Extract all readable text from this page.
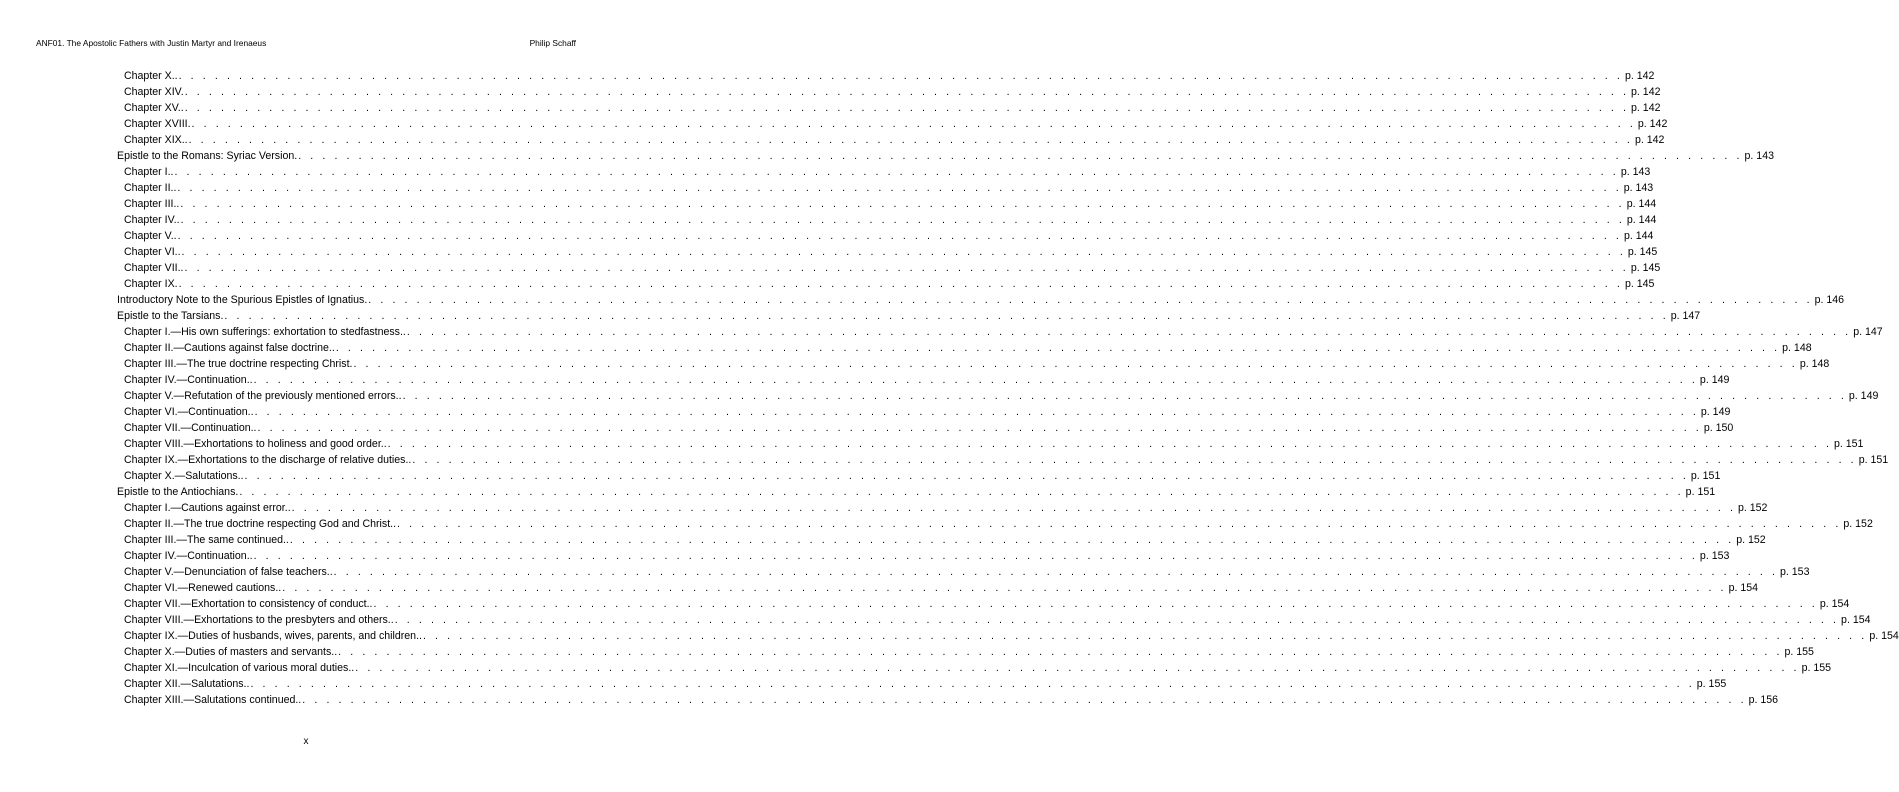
ANF01. The Apostolic Fathers with Justin Martyr and Irenaeus	Philip Schaff
Chapter X.. . . . . . . . . . . . . . . . . . . . . . . . . . . . . . . . . . . . . . . . . . . . . . . . . . . . . . . . . . . . . . . . . . . . . . . . . . . . . . . . . . . . . . . . . . . . . . . . . . . . . . . . . . . . . . . . . . . . . . . . . p. 142
Chapter XIV. . . . . . . . . . . . . . . . . . . . . . . . . . . . . . . . . . . . . . . . . . . . . . . . . . . . . . . . . . . . . . . . . . . . . . . . . . . . . . . . . . . . . . . . . . . . . . . . . . . . . . . . . . . . . . . . . . . . . . . . . p. 142
Chapter XV.. . . . . . . . . . . . . . . . . . . . . . . . . . . . . . . . . . . . . . . . . . . . . . . . . . . . . . . . . . . . . . . . . . . . . . . . . . . . . . . . . . . . . . . . . . . . . . . . . . . . . . . . . . . . . . . . . . . . . . . . . p. 142
Chapter XVIII. . . . . . . . . . . . . . . . . . . . . . . . . . . . . . . . . . . . . . . . . . . . . . . . . . . . . . . . . . . . . . . . . . . . . . . . . . . . . . . . . . . . . . . . . . . . . . . . . . . . . . . . . . . . . . . . . . . . . . . . . p. 142
Chapter XIX.. . . . . . . . . . . . . . . . . . . . . . . . . . . . . . . . . . . . . . . . . . . . . . . . . . . . . . . . . . . . . . . . . . . . . . . . . . . . . . . . . . . . . . . . . . . . . . . . . . . . . . . . . . . . . . . . . . . . . . . . . p. 142
Epistle to the Romans: Syriac Version. . . . . . . . . . . . . . . . . . . . . . . . . . . . . . . . . . . . . . . . . . . . . . . . . . . . . . . . . . . . . . . . . . . . . . . . . . . . . . . . . . . . . . . . . . . . . . . . . . . . . . . . . . . . . . . . . . . . . . . . . p. 143
Chapter I.. . . . . . . . . . . . . . . . . . . . . . . . . . . . . . . . . . . . . . . . . . . . . . . . . . . . . . . . . . . . . . . . . . . . . . . . . . . . . . . . . . . . . . . . . . . . . . . . . . . . . . . . . . . . . . . . . . . . . . . . . p. 143
Chapter II.. . . . . . . . . . . . . . . . . . . . . . . . . . . . . . . . . . . . . . . . . . . . . . . . . . . . . . . . . . . . . . . . . . . . . . . . . . . . . . . . . . . . . . . . . . . . . . . . . . . . . . . . . . . . . . . . . . . . . . . . . p. 143
Chapter III.. . . . . . . . . . . . . . . . . . . . . . . . . . . . . . . . . . . . . . . . . . . . . . . . . . . . . . . . . . . . . . . . . . . . . . . . . . . . . . . . . . . . . . . . . . . . . . . . . . . . . . . . . . . . . . . . . . . . . . . . . p. 144
Chapter IV.. . . . . . . . . . . . . . . . . . . . . . . . . . . . . . . . . . . . . . . . . . . . . . . . . . . . . . . . . . . . . . . . . . . . . . . . . . . . . . . . . . . . . . . . . . . . . . . . . . . . . . . . . . . . . . . . . . . . . . . . . p. 144
Chapter V.. . . . . . . . . . . . . . . . . . . . . . . . . . . . . . . . . . . . . . . . . . . . . . . . . . . . . . . . . . . . . . . . . . . . . . . . . . . . . . . . . . . . . . . . . . . . . . . . . . . . . . . . . . . . . . . . . . . . . . . . . p. 144
Chapter VI.. . . . . . . . . . . . . . . . . . . . . . . . . . . . . . . . . . . . . . . . . . . . . . . . . . . . . . . . . . . . . . . . . . . . . . . . . . . . . . . . . . . . . . . . . . . . . . . . . . . . . . . . . . . . . . . . . . . . . . . . . p. 145
Chapter VII.. . . . . . . . . . . . . . . . . . . . . . . . . . . . . . . . . . . . . . . . . . . . . . . . . . . . . . . . . . . . . . . . . . . . . . . . . . . . . . . . . . . . . . . . . . . . . . . . . . . . . . . . . . . . . . . . . . . . . . . . . p. 145
Chapter IX. . . . . . . . . . . . . . . . . . . . . . . . . . . . . . . . . . . . . . . . . . . . . . . . . . . . . . . . . . . . . . . . . . . . . . . . . . . . . . . . . . . . . . . . . . . . . . . . . . . . . . . . . . . . . . . . . . . . . . . . . p. 145
Introductory Note to the Spurious Epistles of Ignatius. . . . . . . . . . . . . . . . . . . . . . . . . . . . . . . . . . . . . . . . . . . . . . . . . . . . . . . . . . . . . . . . . . . . . . . . . . . . . . . . . . . . . . . . . . . . . . . . . . . . . . . . . . . . . . . . . . . . . . . . . p. 146
Epistle to the Tarsians. . . . . . . . . . . . . . . . . . . . . . . . . . . . . . . . . . . . . . . . . . . . . . . . . . . . . . . . . . . . . . . . . . . . . . . . . . . . . . . . . . . . . . . . . . . . . . . . . . . . . . . . . . . . . . . . . . . . . . . . . p. 147
Chapter I.—His own sufferings: exhortation to stedfastness.. . . . . . . . . . . . . . . . . . . . . . . . . . . . . . . . . . . . . . . . . . . . . . . . . . . . . . . . . . . . . . . . . . . . . . . . . . . . . . . . . . . . . . . . . . . . . . . . . . . . . . . . . . . . . . . . . . . . . . . . . p. 147
Chapter II.—Cautions against false doctrine.. . . . . . . . . . . . . . . . . . . . . . . . . . . . . . . . . . . . . . . . . . . . . . . . . . . . . . . . . . . . . . . . . . . . . . . . . . . . . . . . . . . . . . . . . . . . . . . . . . . . . . . . . . . . . . . . . . . . . . . . . p. 148
Chapter III.—The true doctrine respecting Christ. . . . . . . . . . . . . . . . . . . . . . . . . . . . . . . . . . . . . . . . . . . . . . . . . . . . . . . . . . . . . . . . . . . . . . . . . . . . . . . . . . . . . . . . . . . . . . . . . . . . . . . . . . . . . . . . . . . . . . . . . p. 148
Chapter IV.—Continuation.. . . . . . . . . . . . . . . . . . . . . . . . . . . . . . . . . . . . . . . . . . . . . . . . . . . . . . . . . . . . . . . . . . . . . . . . . . . . . . . . . . . . . . . . . . . . . . . . . . . . . . . . . . . . . . . . . . . . . . . . . p. 149
Chapter V.—Refutation of the previously mentioned errors.. . . . . . . . . . . . . . . . . . . . . . . . . . . . . . . . . . . . . . . . . . . . . . . . . . . . . . . . . . . . . . . . . . . . . . . . . . . . . . . . . . . . . . . . . . . . . . . . . . . . . . . . . . . . . . . . . . . . . . . . . p. 149
Chapter VI.—Continuation.. . . . . . . . . . . . . . . . . . . . . . . . . . . . . . . . . . . . . . . . . . . . . . . . . . . . . . . . . . . . . . . . . . . . . . . . . . . . . . . . . . . . . . . . . . . . . . . . . . . . . . . . . . . . . . . . . . . . . . . . . p. 149
Chapter VII.—Continuation.. . . . . . . . . . . . . . . . . . . . . . . . . . . . . . . . . . . . . . . . . . . . . . . . . . . . . . . . . . . . . . . . . . . . . . . . . . . . . . . . . . . . . . . . . . . . . . . . . . . . . . . . . . . . . . . . . . . . . . . . . p. 150
Chapter VIII.—Exhortations to holiness and good order.. . . . . . . . . . . . . . . . . . . . . . . . . . . . . . . . . . . . . . . . . . . . . . . . . . . . . . . . . . . . . . . . . . . . . . . . . . . . . . . . . . . . . . . . . . . . . . . . . . . . . . . . . . . . . . . . . . . . . . . . . p. 151
Chapter IX.—Exhortations to the discharge of relative duties.. . . . . . . . . . . . . . . . . . . . . . . . . . . . . . . . . . . . . . . . . . . . . . . . . . . . . . . . . . . . . . . . . . . . . . . . . . . . . . . . . . . . . . . . . . . . . . . . . . . . . . . . . . . . . . . . . . . . . . . . . p. 151
Chapter X.—Salutations.. . . . . . . . . . . . . . . . . . . . . . . . . . . . . . . . . . . . . . . . . . . . . . . . . . . . . . . . . . . . . . . . . . . . . . . . . . . . . . . . . . . . . . . . . . . . . . . . . . . . . . . . . . . . . . . . . . . . . . . . . p. 151
Epistle to the Antiochians. . . . . . . . . . . . . . . . . . . . . . . . . . . . . . . . . . . . . . . . . . . . . . . . . . . . . . . . . . . . . . . . . . . . . . . . . . . . . . . . . . . . . . . . . . . . . . . . . . . . . . . . . . . . . . . . . . . . . . . . . p. 151
Chapter I.—Cautions against error.. . . . . . . . . . . . . . . . . . . . . . . . . . . . . . . . . . . . . . . . . . . . . . . . . . . . . . . . . . . . . . . . . . . . . . . . . . . . . . . . . . . . . . . . . . . . . . . . . . . . . . . . . . . . . . . . . . . . . . . . . p. 152
Chapter II.—The true doctrine respecting God and Christ.. . . . . . . . . . . . . . . . . . . . . . . . . . . . . . . . . . . . . . . . . . . . . . . . . . . . . . . . . . . . . . . . . . . . . . . . . . . . . . . . . . . . . . . . . . . . . . . . . . . . . . . . . . . . . . . . . . . . . . . . . p. 152
Chapter III.—The same continued.. . . . . . . . . . . . . . . . . . . . . . . . . . . . . . . . . . . . . . . . . . . . . . . . . . . . . . . . . . . . . . . . . . . . . . . . . . . . . . . . . . . . . . . . . . . . . . . . . . . . . . . . . . . . . . . . . . . . . . . . . p. 152
Chapter IV.—Continuation.. . . . . . . . . . . . . . . . . . . . . . . . . . . . . . . . . . . . . . . . . . . . . . . . . . . . . . . . . . . . . . . . . . . . . . . . . . . . . . . . . . . . . . . . . . . . . . . . . . . . . . . . . . . . . . . . . . . . . . . . . p. 153
Chapter V.—Denunciation of false teachers.. . . . . . . . . . . . . . . . . . . . . . . . . . . . . . . . . . . . . . . . . . . . . . . . . . . . . . . . . . . . . . . . . . . . . . . . . . . . . . . . . . . . . . . . . . . . . . . . . . . . . . . . . . . . . . . . . . . . . . . . . p. 153
Chapter VI.—Renewed cautions.. . . . . . . . . . . . . . . . . . . . . . . . . . . . . . . . . . . . . . . . . . . . . . . . . . . . . . . . . . . . . . . . . . . . . . . . . . . . . . . . . . . . . . . . . . . . . . . . . . . . . . . . . . . . . . . . . . . . . . . . . p. 154
Chapter VII.—Exhortation to consistency of conduct.. . . . . . . . . . . . . . . . . . . . . . . . . . . . . . . . . . . . . . . . . . . . . . . . . . . . . . . . . . . . . . . . . . . . . . . . . . . . . . . . . . . . . . . . . . . . . . . . . . . . . . . . . . . . . . . . . . . . . . . . . p. 154
Chapter VIII.—Exhortations to the presbyters and others.. . . . . . . . . . . . . . . . . . . . . . . . . . . . . . . . . . . . . . . . . . . . . . . . . . . . . . . . . . . . . . . . . . . . . . . . . . . . . . . . . . . . . . . . . . . . . . . . . . . . . . . . . . . . . . . . . . . . . . . . . p. 154
Chapter IX.—Duties of husbands, wives, parents, and children.. . . . . . . . . . . . . . . . . . . . . . . . . . . . . . . . . . . . . . . . . . . . . . . . . . . . . . . . . . . . . . . . . . . . . . . . . . . . . . . . . . . . . . . . . . . . . . . . . . . . . . . . . . . . . . . . . . . . . . . . . p. 154
Chapter X.—Duties of masters and servants.. . . . . . . . . . . . . . . . . . . . . . . . . . . . . . . . . . . . . . . . . . . . . . . . . . . . . . . . . . . . . . . . . . . . . . . . . . . . . . . . . . . . . . . . . . . . . . . . . . . . . . . . . . . . . . . . . . . . . . . . . p. 155
Chapter XI.—Inculcation of various moral duties.. . . . . . . . . . . . . . . . . . . . . . . . . . . . . . . . . . . . . . . . . . . . . . . . . . . . . . . . . . . . . . . . . . . . . . . . . . . . . . . . . . . . . . . . . . . . . . . . . . . . . . . . . . . . . . . . . . . . . . . . . p. 155
Chapter XII.—Salutations.. . . . . . . . . . . . . . . . . . . . . . . . . . . . . . . . . . . . . . . . . . . . . . . . . . . . . . . . . . . . . . . . . . . . . . . . . . . . . . . . . . . . . . . . . . . . . . . . . . . . . . . . . . . . . . . . . . . . . . . . . p. 155
Chapter XIII.—Salutations continued.. . . . . . . . . . . . . . . . . . . . . . . . . . . . . . . . . . . . . . . . . . . . . . . . . . . . . . . . . . . . . . . . . . . . . . . . . . . . . . . . . . . . . . . . . . . . . . . . . . . . . . . . . . . . . . . . . . . . . . . . . p. 156
x
